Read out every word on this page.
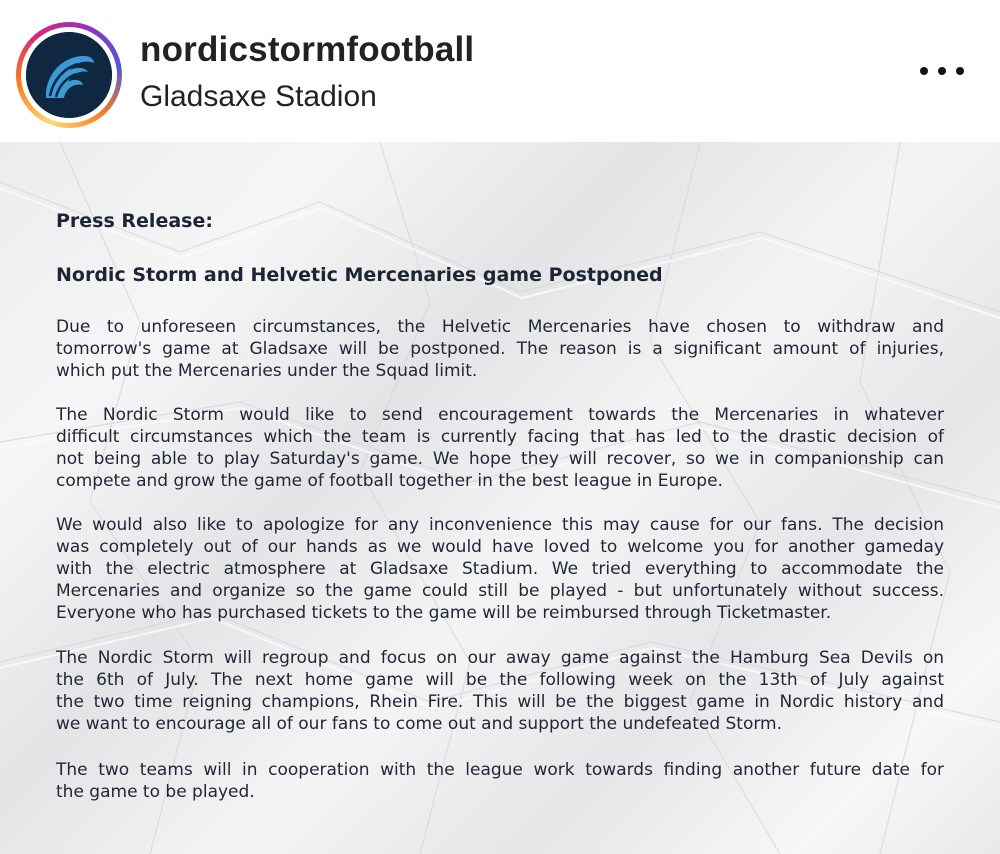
nordicstormfootball
Gladsaxe Stadion
Press Release:
Nordic Storm and Helvetic Mercenaries game Postponed
Due to unforeseen circumstances, the Helvetic Mercenaries have chosen to withdraw and
tomorrow's game at Gladsaxe will be postponed. The reason is a significant amount of injuries,
which put the Mercenaries under the Squad limit.
The Nordic Storm would like to send encouragement towards the Mercenaries in whatever
difficult circumstances which the team is currently facing that has led to the drastic decision of
not being able to play Saturday's game. We hope they will recover, so we in companionship can
compete and grow the game of football together in the best league in Europe.
We would also like to apologize for any inconvenience this may cause for our fans. The decision
was completely out of our hands as we would have loved to welcome you for another gameday
with the electric atmosphere at Gladsaxe Stadium. We tried everything to accommodate the
Mercenaries and organize so the game could still be played - but unfortunately without success.
Everyone who has purchased tickets to the game will be reimbursed through Ticketmaster.
The Nordic Storm will regroup and focus on our away game against the Hamburg Sea Devils on
the 6th of July. The next home game will be the following week on the 13th of July against
the two time reigning champions, Rhein Fire. This will be the biggest game in Nordic history and
we want to encourage all of our fans to come out and support the undefeated Storm.
The two teams will in cooperation with the league work towards finding another future date for
the game to be played.
